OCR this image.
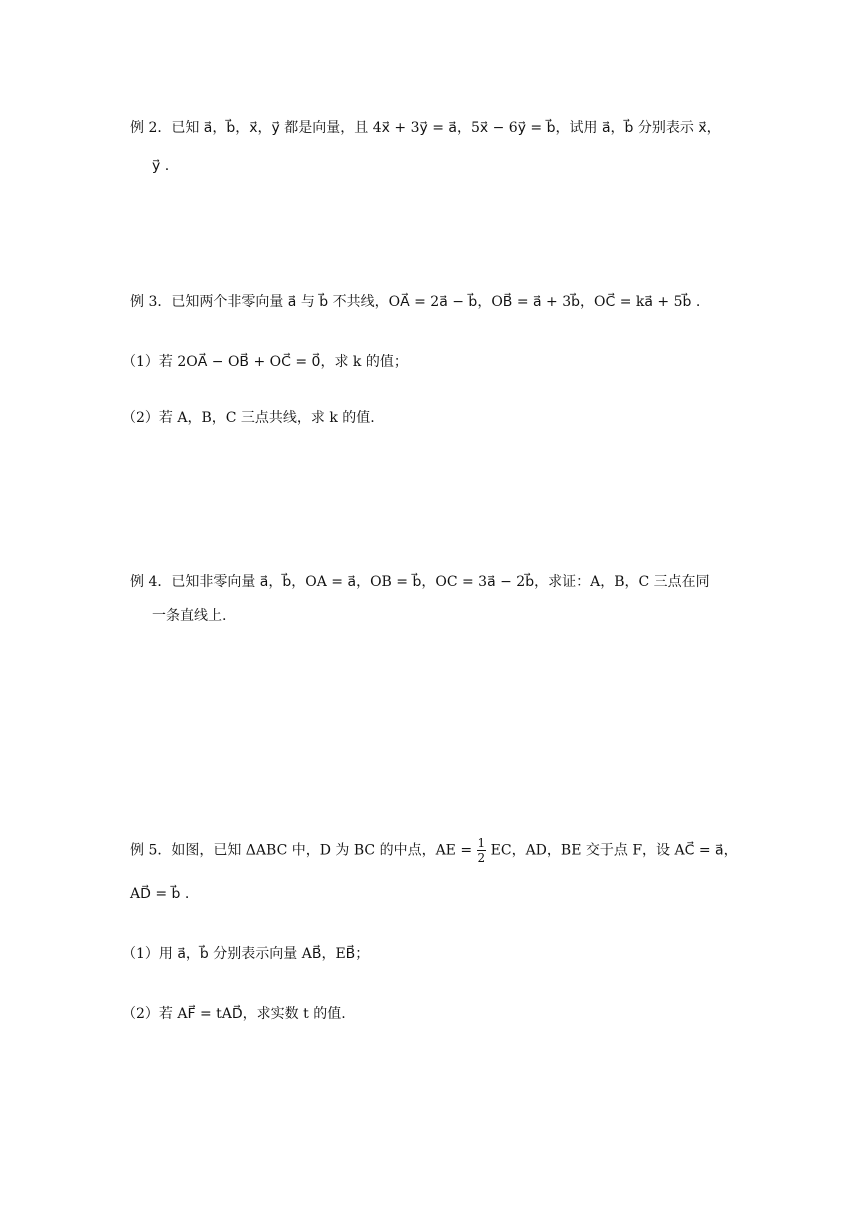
例 2．已知 a⃗，b⃗，x⃗，y⃗ 都是向量，且 4x⃗ + 3y⃗ = a⃗，5x⃗ − 6y⃗ = b⃗，试用 a⃗，b⃗ 分别表示 x⃗，
y⃗ .
例 3．已知两个非零向量 a⃗ 与 b⃗ 不共线，OA⃗ = 2a⃗ − b⃗，OB⃗ = a⃗ + 3b⃗，OC⃗ = ka⃗ + 5b⃗ .
（1）若 2OA⃗ − OB⃗ + OC⃗ = 0⃗，求 k 的值；
（2）若 A，B，C 三点共线，求 k 的值.
例 4．已知非零向量 a⃗，b⃗，OA = a⃗，OB = b⃗，OC = 3a⃗ − 2b⃗，求证：A，B，C 三点在同
一条直线上.
例 5．如图，已知 ΔABC 中，D 为 BC 的中点，AE = $\frac{1}{2}$ EC，AD，BE 交于点 F，设 AC⃗ = a⃗，
AD⃗ = b⃗ .
（1）用 a⃗，b⃗ 分别表示向量 AB⃗，EB⃗；
（2）若 AF⃗ = tAD⃗，求实数 t 的值.
